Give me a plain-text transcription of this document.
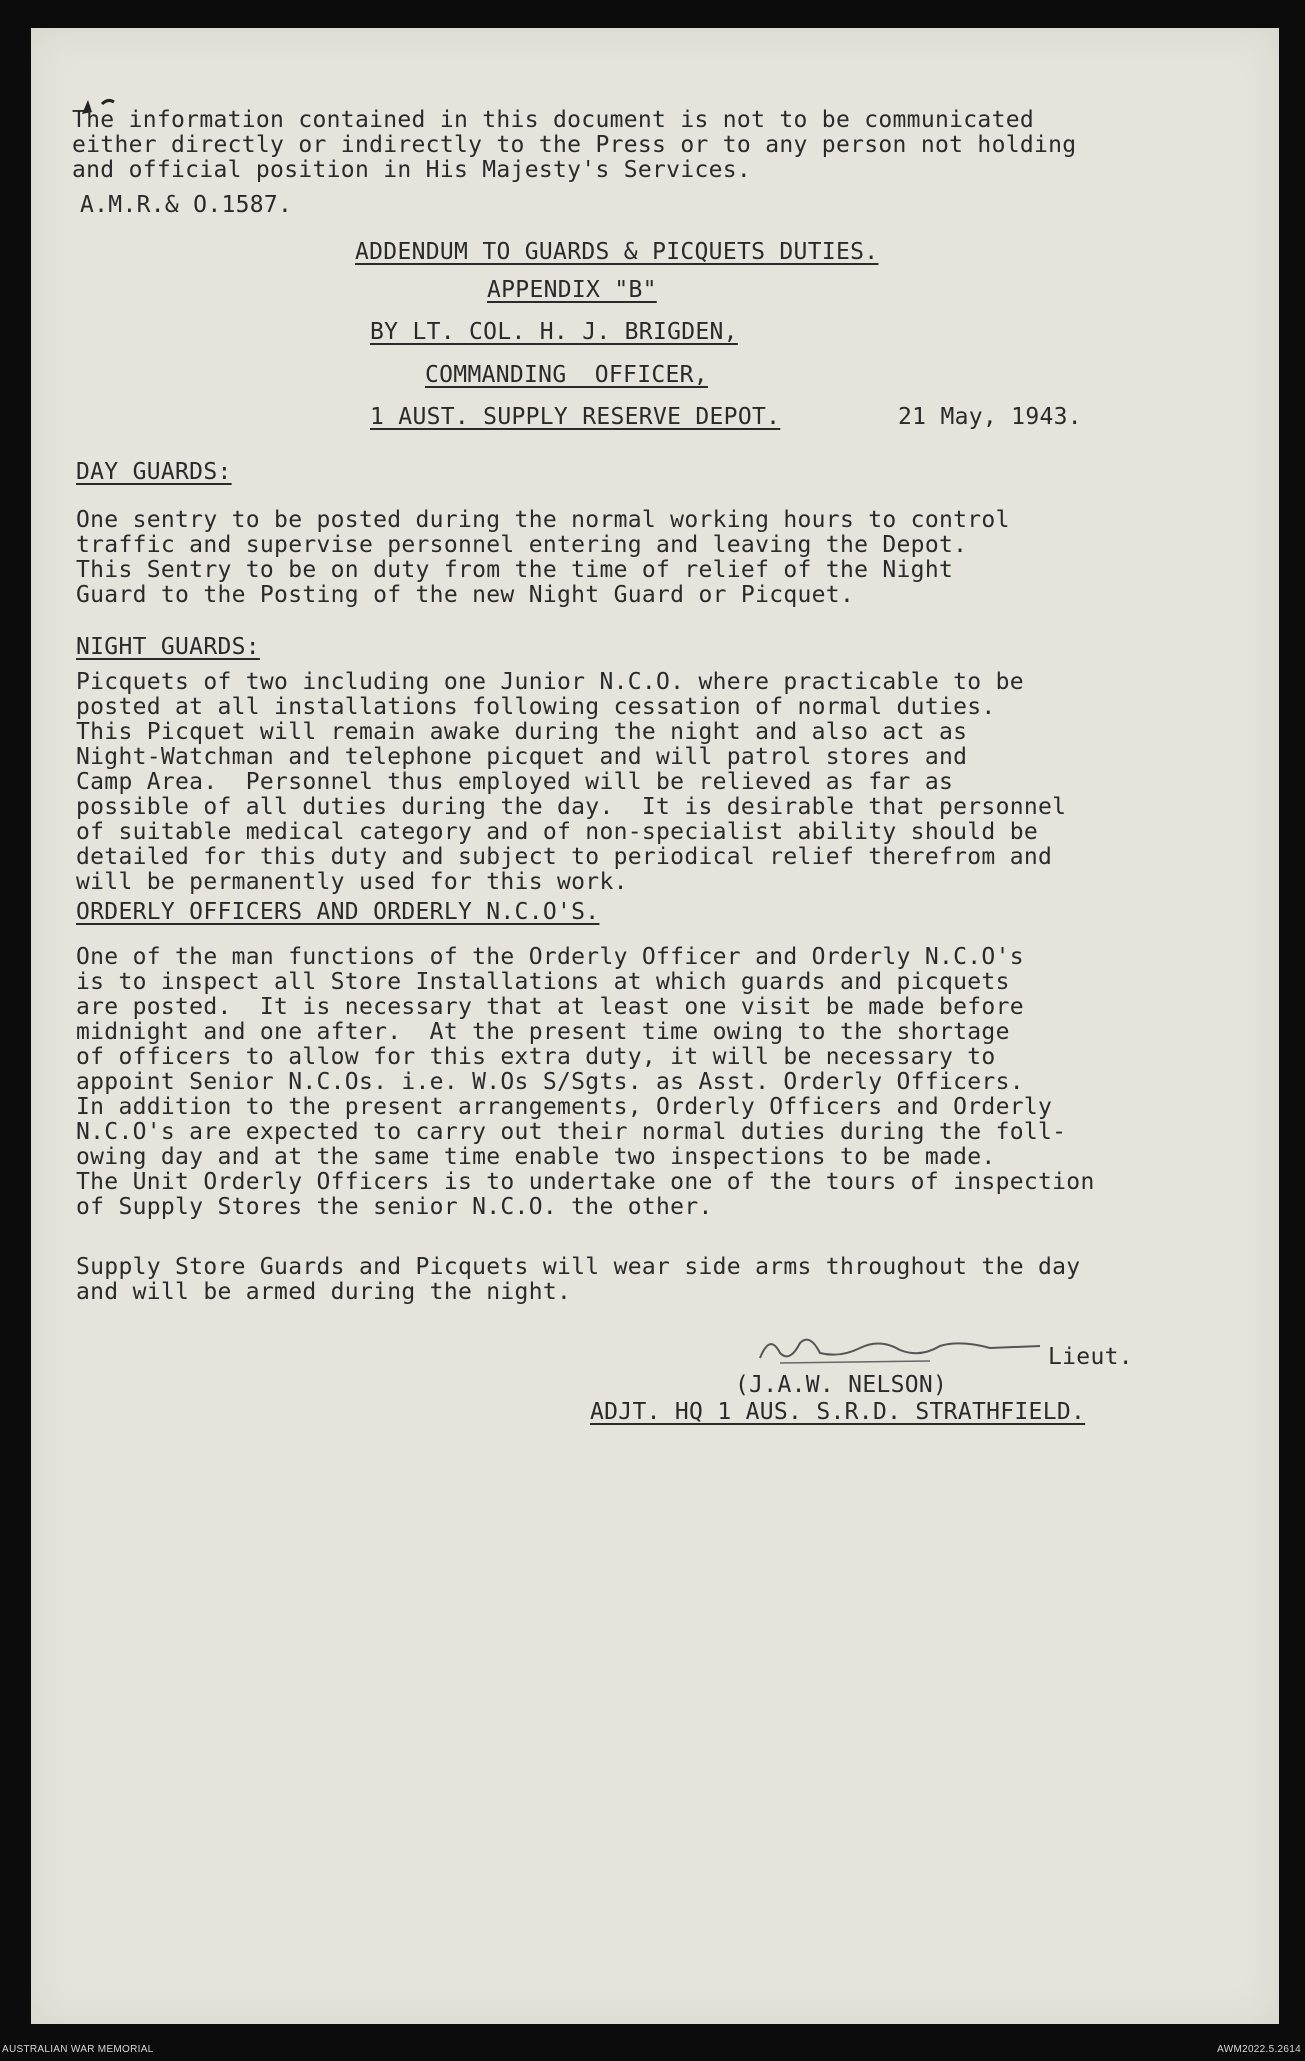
The information contained in this document is not to be communicated
either directly or indirectly to the Press or to any person not holding
and official position in His Majesty's Services.
A.M.R.& O.1587.
ADDENDUM TO GUARDS & PICQUETS DUTIES.
APPENDIX "B"
BY LT. COL. H. J. BRIGDEN,
COMMANDING  OFFICER,
1 AUST. SUPPLY RESERVE DEPOT.	21 May, 1943.
DAY GUARDS:
One sentry to be posted during the normal working hours to control
traffic and supervise personnel entering and leaving the Depot.
This Sentry to be on duty from the time of relief of the Night
Guard to the Posting of the new Night Guard or Picquet.
NIGHT GUARDS:
Picquets of two including one Junior N.C.O. where practicable to be
posted at all installations following cessation of normal duties.
This Picquet will remain awake during the night and also act as
Night-Watchman and telephone picquet and will patrol stores and
Camp Area.  Personnel thus employed will be relieved as far as
possible of all duties during the day.  It is desirable that personnel
of suitable medical category and of non-specialist ability should be
detailed for this duty and subject to periodical relief therefrom and
will be permanently used for this work.
ORDERLY OFFICERS AND ORDERLY N.C.O'S.
One of the man functions of the Orderly Officer and Orderly N.C.O's
is to inspect all Store Installations at which guards and picquets
are posted.  It is necessary that at least one visit be made before
midnight and one after.  At the present time owing to the shortage
of officers to allow for this extra duty, it will be necessary to
appoint Senior N.C.Os. i.e. W.Os S/Sgts. as Asst. Orderly Officers.
In addition to the present arrangements, Orderly Officers and Orderly
N.C.O's are expected to carry out their normal duties during the foll-
owing day and at the same time enable two inspections to be made.
The Unit Orderly Officers is to undertake one of the tours of inspection
of Supply Stores the senior N.C.O. the other.
Supply Store Guards and Picquets will wear side arms throughout the day
and will be armed during the night.
Lieut.
(J.A.W. NELSON)
ADJT. HQ 1 AUS. S.R.D. STRATHFIELD.
AUSTRALIAN WAR MEMORIAL	AWM2022.5.2614
